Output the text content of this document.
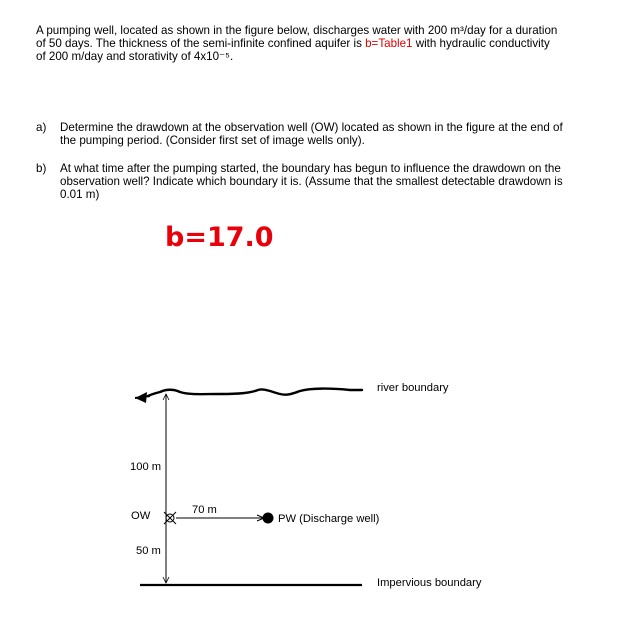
A pumping well, located as shown in the figure below, discharges water with 200 m³/day for a duration
of 50 days. The thickness of the semi-infinite confined aquifer is b=Table1 with hydraulic conductivity
of 200 m/day and storativity of 4x10⁻⁵.
a) Determine the drawdown at the observation well (OW) located as shown in the figure at the end of
the pumping period. (Consider first set of image wells only).
b) At what time after the pumping started, the boundary has begun to influence the drawdown on the
observation well? Indicate which boundary it is. (Assume that the smallest detectable drawdown is
0.01 m)
b=17.0
river boundary
100 m
OW	70 m
PW (Discharge well)
50 m
Impervious boundary
